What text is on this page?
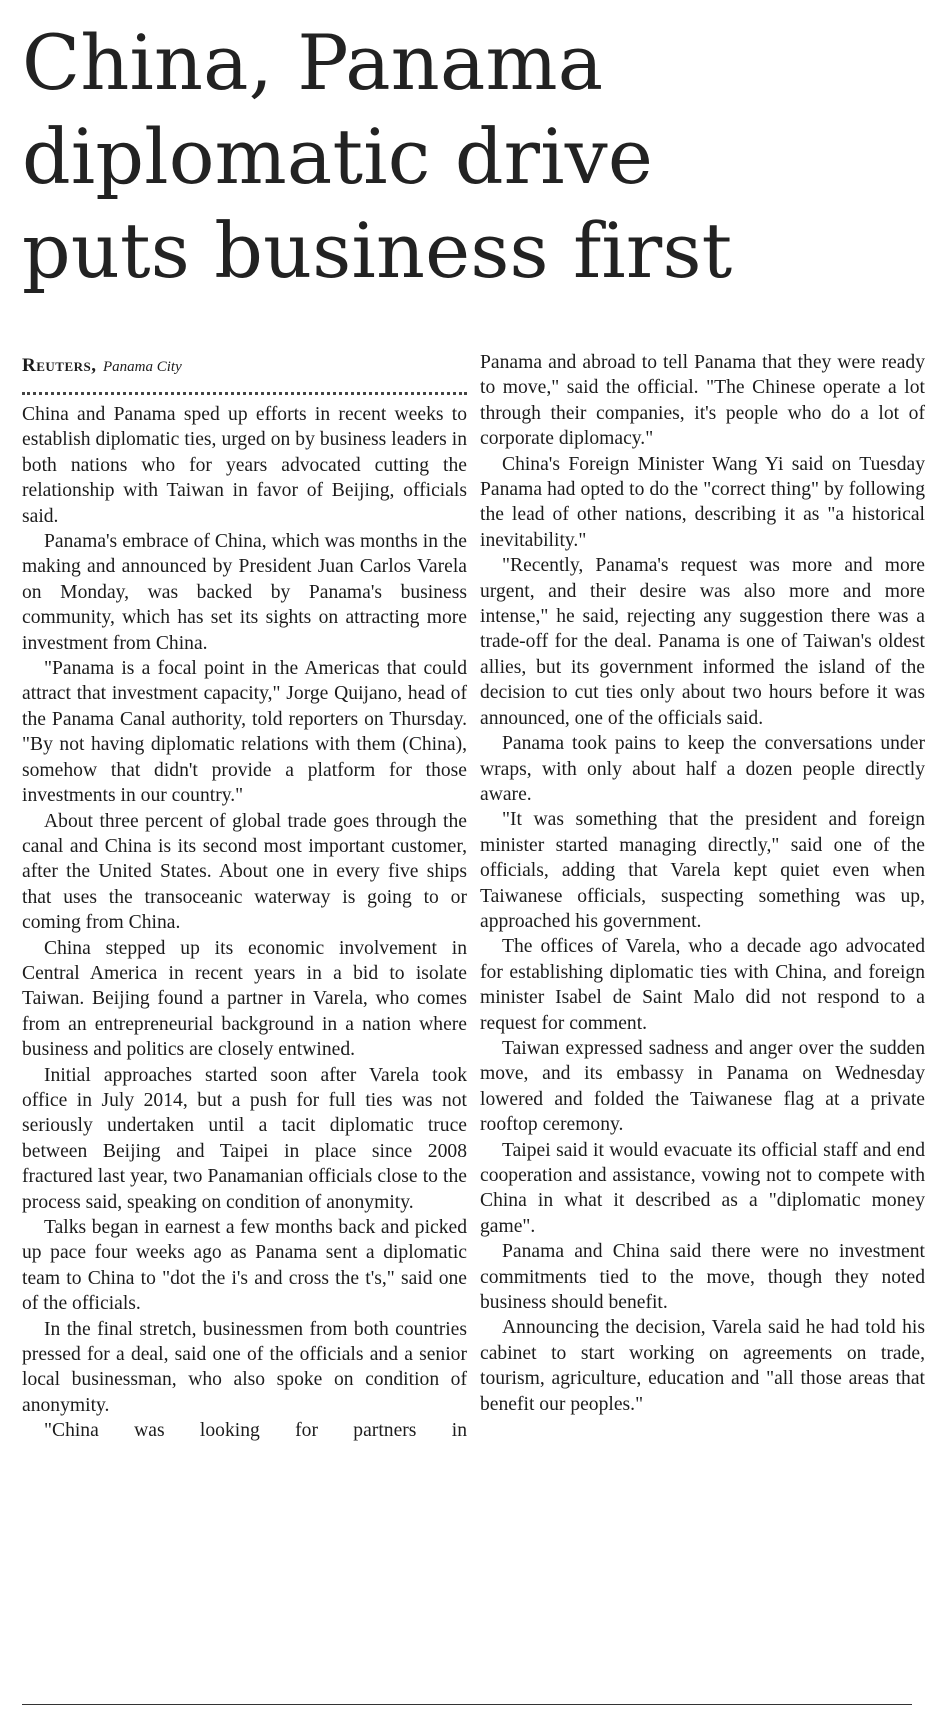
China, Panama
diplomatic drive
puts business first
Reuters, Panama City

China and Panama sped up efforts in recent weeks to establish diplomatic ties, urged on by business leaders in both nations who for years advocated cutting the relationship with Taiwan in favor of Beijing, officials said.

Panama's embrace of China, which was months in the making and announced by President Juan Carlos Varela on Monday, was backed by Panama's business community, which has set its sights on attracting more investment from China.

"Panama is a focal point in the Americas that could attract that investment capacity," Jorge Quijano, head of the Panama Canal authority, told reporters on Thursday. "By not having diplomatic relations with them (China), somehow that didn't provide a platform for those investments in our country."

About three percent of global trade goes through the canal and China is its second most important customer, after the United States. About one in every five ships that uses the transoceanic waterway is going to or coming from China.

China stepped up its economic involvement in Central America in recent years in a bid to isolate Taiwan. Beijing found a partner in Varela, who comes from an entrepreneurial background in a nation where business and politics are closely entwined.

Initial approaches started soon after Varela took office in July 2014, but a push for full ties was not seriously undertaken until a tacit diplomatic truce between Beijing and Taipei in place since 2008 fractured last year, two Panamanian officials close to the process said, speaking on condition of anonymity.

Talks began in earnest a few months back and picked up pace four weeks ago as Panama sent a diplomatic team to China to "dot the i's and cross the t's," said one of the officials.

In the final stretch, businessmen from both countries pressed for a deal, said one of the officials and a senior local businessman, who also spoke on condition of anonymity.

"China was looking for partners in

Panama and abroad to tell Panama that they were ready to move," said the official. "The Chinese operate a lot through their companies, it's people who do a lot of corporate diplomacy."

China's Foreign Minister Wang Yi said on Tuesday Panama had opted to do the "correct thing" by following the lead of other nations, describing it as "a historical inevitability."

"Recently, Panama's request was more and more urgent, and their desire was also more and more intense," he said, rejecting any suggestion there was a trade-off for the deal. Panama is one of Taiwan's oldest allies, but its government informed the island of the decision to cut ties only about two hours before it was announced, one of the officials said.

Panama took pains to keep the conversations under wraps, with only about half a dozen people directly aware.

"It was something that the president and foreign minister started managing directly," said one of the officials, adding that Varela kept quiet even when Taiwanese officials, suspecting something was up, approached his government.

The offices of Varela, who a decade ago advocated for establishing diplomatic ties with China, and foreign minister Isabel de Saint Malo did not respond to a request for comment.

Taiwan expressed sadness and anger over the sudden move, and its embassy in Panama on Wednesday lowered and folded the Taiwanese flag at a private rooftop ceremony.

Taipei said it would evacuate its official staff and end cooperation and assistance, vowing not to compete with China in what it described as a "diplomatic money game".

Panama and China said there were no investment commitments tied to the move, though they noted business should benefit.

Announcing the decision, Varela said he had told his cabinet to start working on agreements on trade, tourism, agriculture, education and "all those areas that benefit our peoples."
